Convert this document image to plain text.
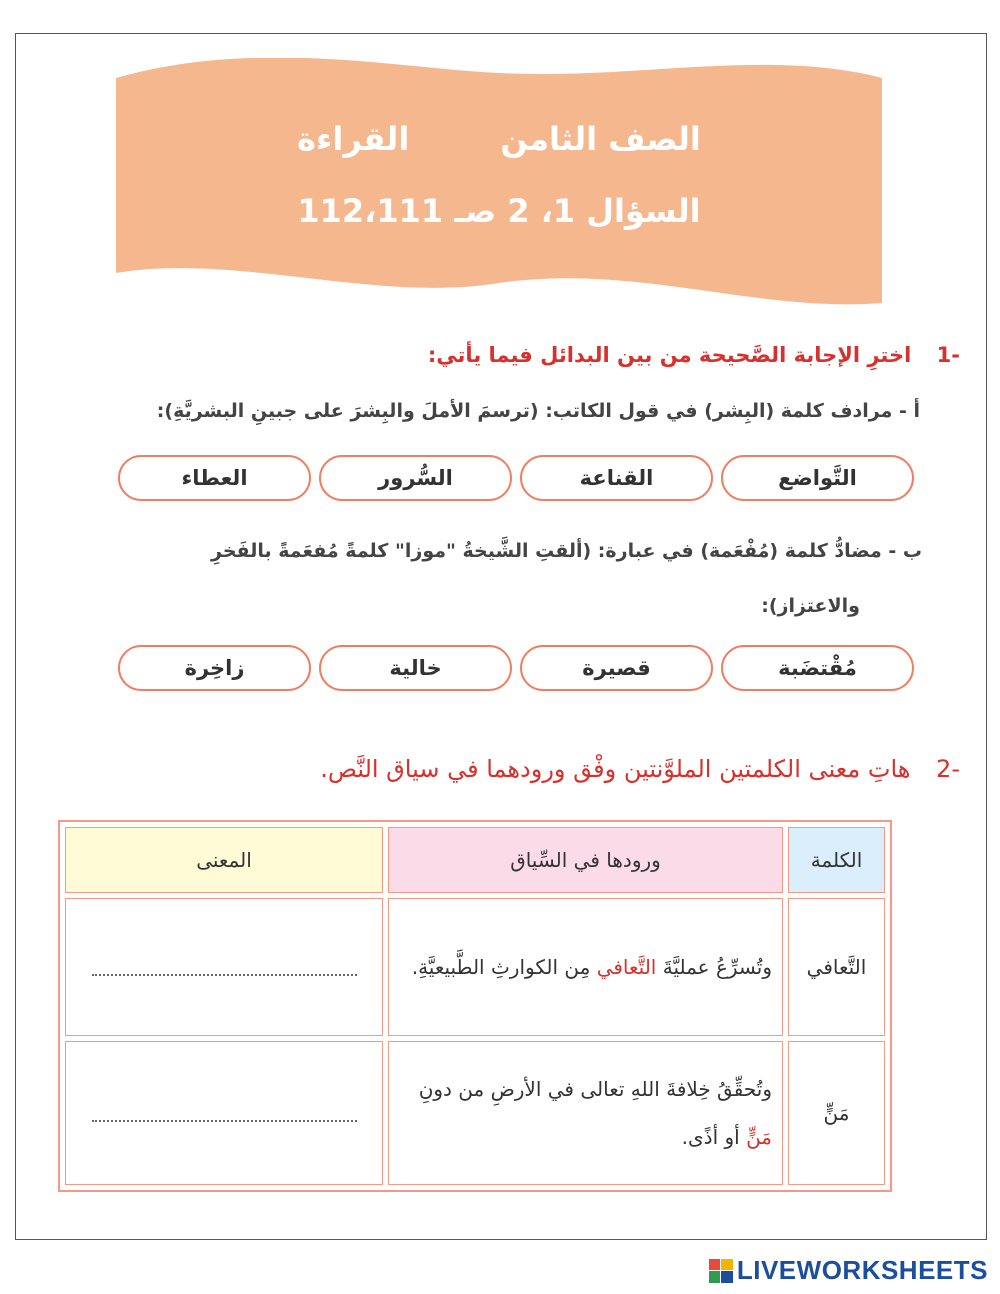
الصف الثامن القراءة
السؤال 1، 2 صـ 112،111
-1 اخترِ الإجابة الصَّحيحة من بين البدائل فيما يأتي:
أ - مرادف كلمة (البِشر) في قول الكاتب: (ترسمَ الأملَ والبِشرَ على جبينِ البشريَّةِ):
التَّواضع
القناعة
السُّرور
العطاء
ب - مضادُّ كلمة (مُفْعَمة) في عبارة: (ألقتِ الشَّيخةُ "موزا" كلمةً مُفعَمةً بالفَخرِ
والاعتزاز):
مُقْتضَبة
قصيرة
خالية
زاخِرة
-2 هاتِ معنى الكلمتين الملوَّنتين وفْق ورودهما في سياق النَّص.
الكلمة	ورودها في السِّياق	المعنى
التَّعافي	وتُسرِّعُ عمليَّةَ التَّعافي مِن الكوارثِ الطَّبيعيَّةِ.	
مَنٍّ	وتُحقِّقُ خِلافةَ اللهِ تعالى في الأرضِ من دونِ مَنٍّ أو أذًى.	
LIVEWORKSHEETS
